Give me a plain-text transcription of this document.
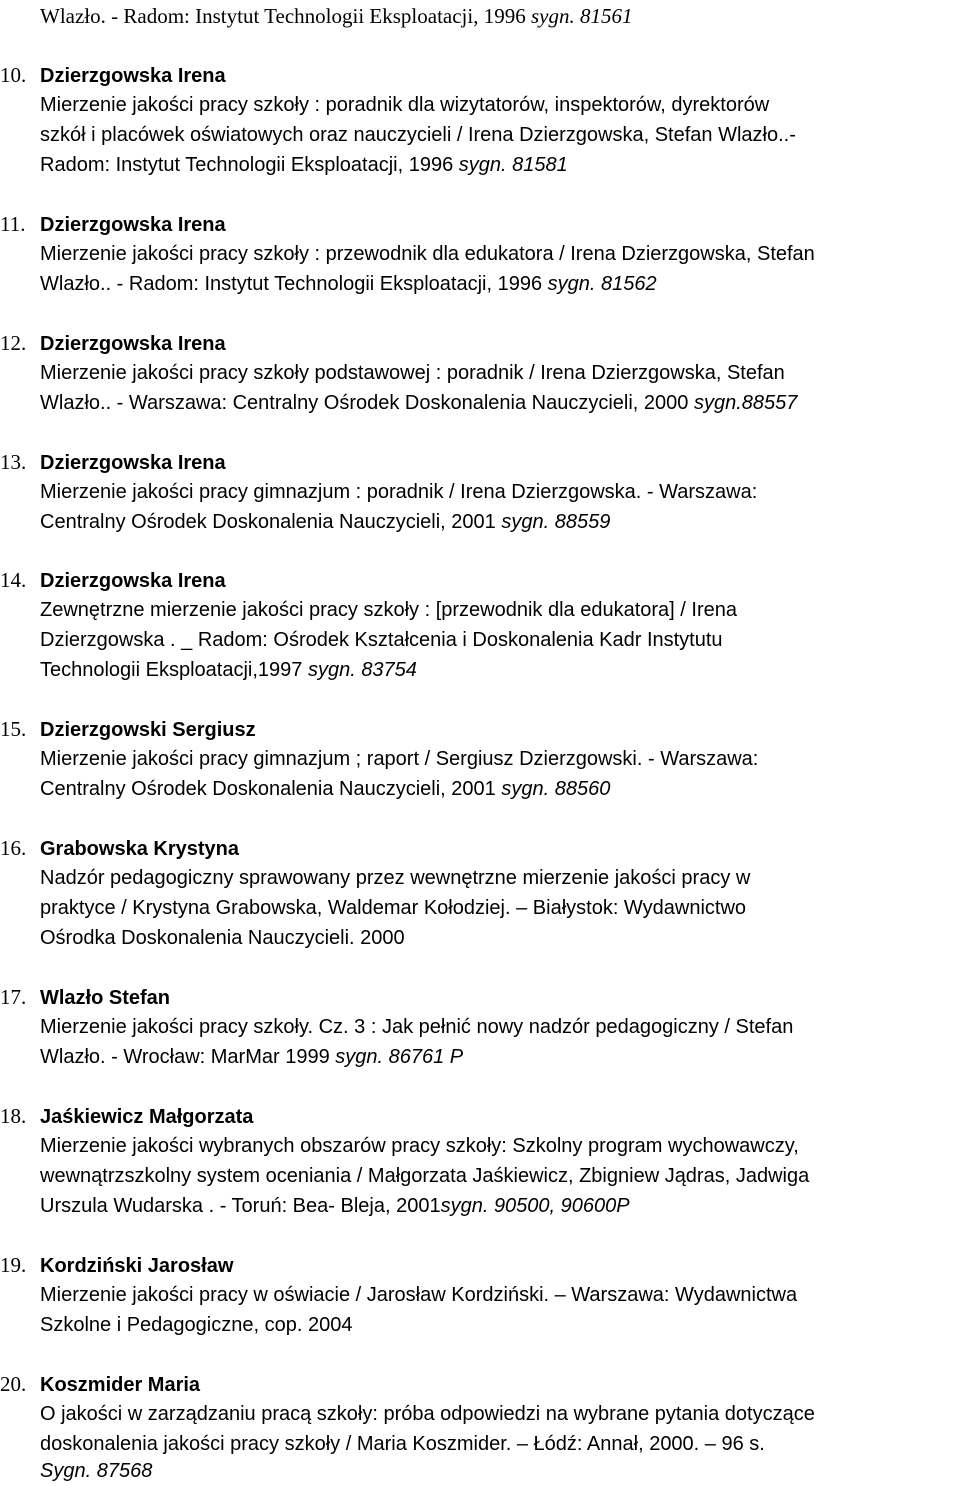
Wlazło. - Radom: Instytut Technologii Eksploatacji, 1996 sygn. 81561
10. Dzierzgowska Irena
Mierzenie jakości pracy szkoły : poradnik dla wizytatorów, inspektorów, dyrektorów
szkół i placówek oświatowych oraz nauczycieli / Irena Dzierzgowska, Stefan Wlazło..-
Radom: Instytut Technologii Eksploatacji, 1996 sygn. 81581
11. Dzierzgowska Irena
Mierzenie jakości pracy szkoły : przewodnik dla edukatora / Irena Dzierzgowska, Stefan
Wlazło.. - Radom: Instytut Technologii Eksploatacji, 1996 sygn. 81562
12. Dzierzgowska Irena
Mierzenie jakości pracy szkoły podstawowej : poradnik / Irena Dzierzgowska, Stefan
Wlazło.. - Warszawa: Centralny Ośrodek Doskonalenia Nauczycieli, 2000 sygn.88557
13. Dzierzgowska Irena
Mierzenie jakości pracy gimnazjum : poradnik / Irena Dzierzgowska. - Warszawa:
Centralny Ośrodek Doskonalenia Nauczycieli, 2001 sygn. 88559
14. Dzierzgowska Irena
Zewnętrzne mierzenie jakości pracy szkoły : [przewodnik dla edukatora] / Irena
Dzierzgowska . _ Radom: Ośrodek Kształcenia i Doskonalenia Kadr Instytutu
Technologii Eksploatacji,1997 sygn. 83754
15. Dzierzgowski Sergiusz
Mierzenie jakości pracy gimnazjum ; raport / Sergiusz Dzierzgowski. - Warszawa:
Centralny Ośrodek Doskonalenia Nauczycieli, 2001 sygn. 88560
16. Grabowska Krystyna
Nadzór pedagogiczny sprawowany przez wewnętrzne mierzenie jakości pracy w
praktyce / Krystyna Grabowska, Waldemar Kołodziej. – Białystok: Wydawnictwo
Ośrodka Doskonalenia Nauczycieli. 2000
17. Wlazło Stefan
Mierzenie jakości pracy szkoły. Cz. 3 : Jak pełnić nowy nadzór pedagogiczny / Stefan
Wlazło. - Wrocław: MarMar 1999 sygn. 86761 P
18. Jaśkiewicz Małgorzata
Mierzenie jakości wybranych obszarów pracy szkoły: Szkolny program wychowawczy,
wewnątrzszkolny system oceniania / Małgorzata Jaśkiewicz, Zbigniew Jądras, Jadwiga
Urszula Wudarska . - Toruń: Bea- Bleja, 2001sygn. 90500, 90600P
19. Kordziński Jarosław
Mierzenie jakości pracy w oświacie / Jarosław Kordziński. – Warszawa: Wydawnictwa
Szkolne i Pedagogiczne, cop. 2004
20. Koszmider Maria
O jakości w zarządzaniu pracą szkoły: próba odpowiedzi na wybrane pytania dotyczące
doskonalenia jakości pracy szkoły / Maria Koszmider. – Łódź: Annał, 2000. – 96 s.
Sygn. 87568
